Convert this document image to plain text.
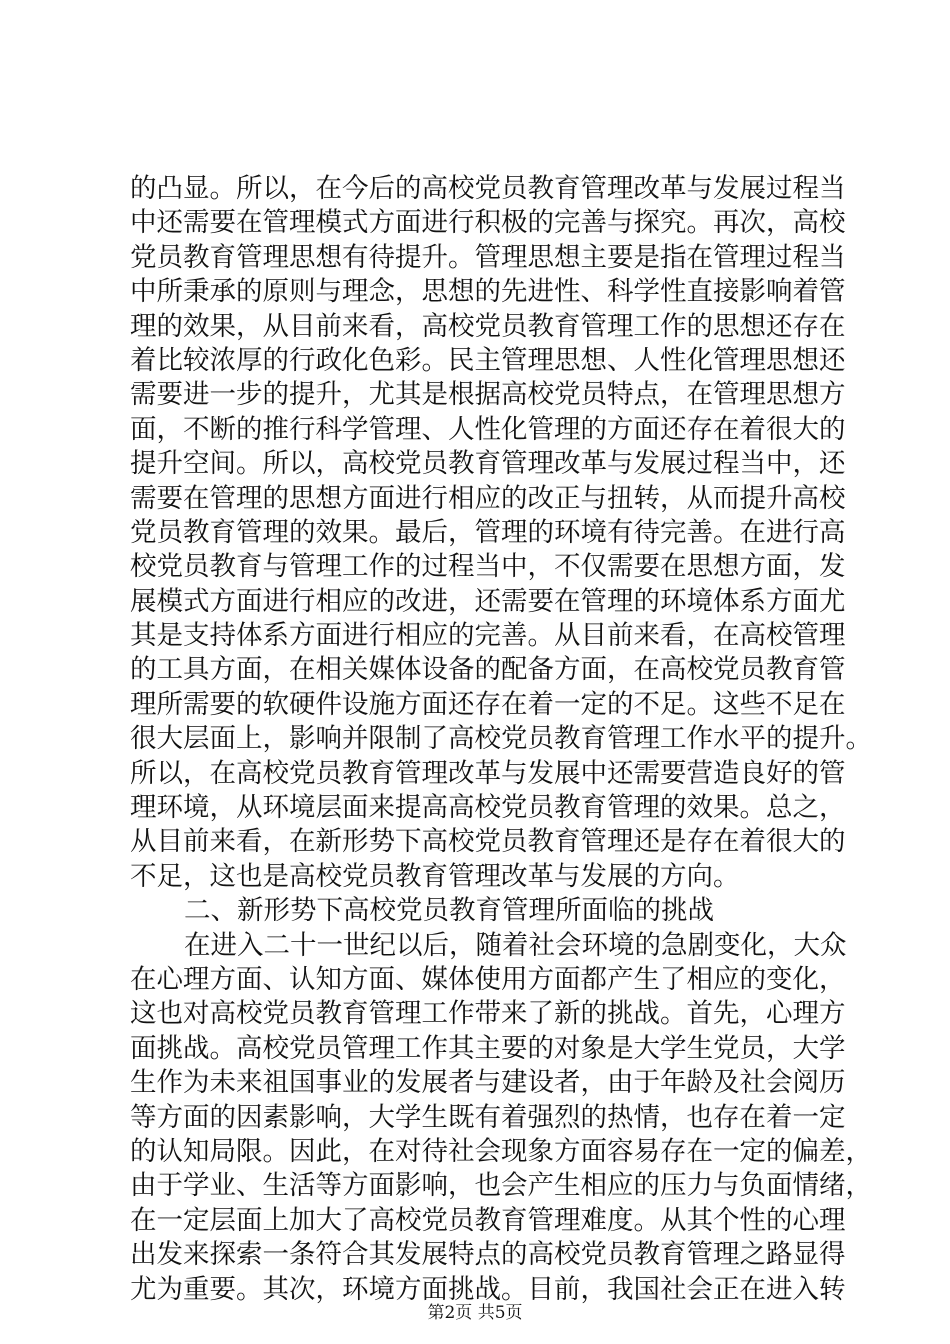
的凸显。所以，在今后的高校党员教育管理改革与发展过程当
中还需要在管理模式方面进行积极的完善与探究。再次，高校
党员教育管理思想有待提升。管理思想主要是指在管理过程当
中所秉承的原则与理念，思想的先进性、科学性直接影响着管
理的效果，从目前来看，高校党员教育管理工作的思想还存在
着比较浓厚的行政化色彩。民主管理思想、人性化管理思想还
需要进一步的提升，尤其是根据高校党员特点，在管理思想方
面，不断的推行科学管理、人性化管理的方面还存在着很大的
提升空间。所以，高校党员教育管理改革与发展过程当中，还
需要在管理的思想方面进行相应的改正与扭转，从而提升高校
党员教育管理的效果。最后，管理的环境有待完善。在进行高
校党员教育与管理工作的过程当中，不仅需要在思想方面，发
展模式方面进行相应的改进，还需要在管理的环境体系方面尤
其是支持体系方面进行相应的完善。从目前来看，在高校管理
的工具方面，在相关媒体设备的配备方面，在高校党员教育管
理所需要的软硬件设施方面还存在着一定的不足。这些不足在
很大层面上，影响并限制了高校党员教育管理工作水平的提升。
所以，在高校党员教育管理改革与发展中还需要营造良好的管
理环境，从环境层面来提高高校党员教育管理的效果。总之，
从目前来看，在新形势下高校党员教育管理还是存在着很大的
不足，这也是高校党员教育管理改革与发展的方向。
二、新形势下高校党员教育管理所面临的挑战
在进入二十一世纪以后，随着社会环境的急剧变化，大众
在心理方面、认知方面、媒体使用方面都产生了相应的变化，
这也对高校党员教育管理工作带来了新的挑战。首先，心理方
面挑战。高校党员管理工作其主要的对象是大学生党员，大学
生作为未来祖国事业的发展者与建设者，由于年龄及社会阅历
等方面的因素影响，大学生既有着强烈的热情，也存在着一定
的认知局限。因此，在对待社会现象方面容易存在一定的偏差，
由于学业、生活等方面影响，也会产生相应的压力与负面情绪，
在一定层面上加大了高校党员教育管理难度。从其个性的心理
出发来探索一条符合其发展特点的高校党员教育管理之路显得
尤为重要。其次，环境方面挑战。目前，我国社会正在进入转
第2页 共5页
